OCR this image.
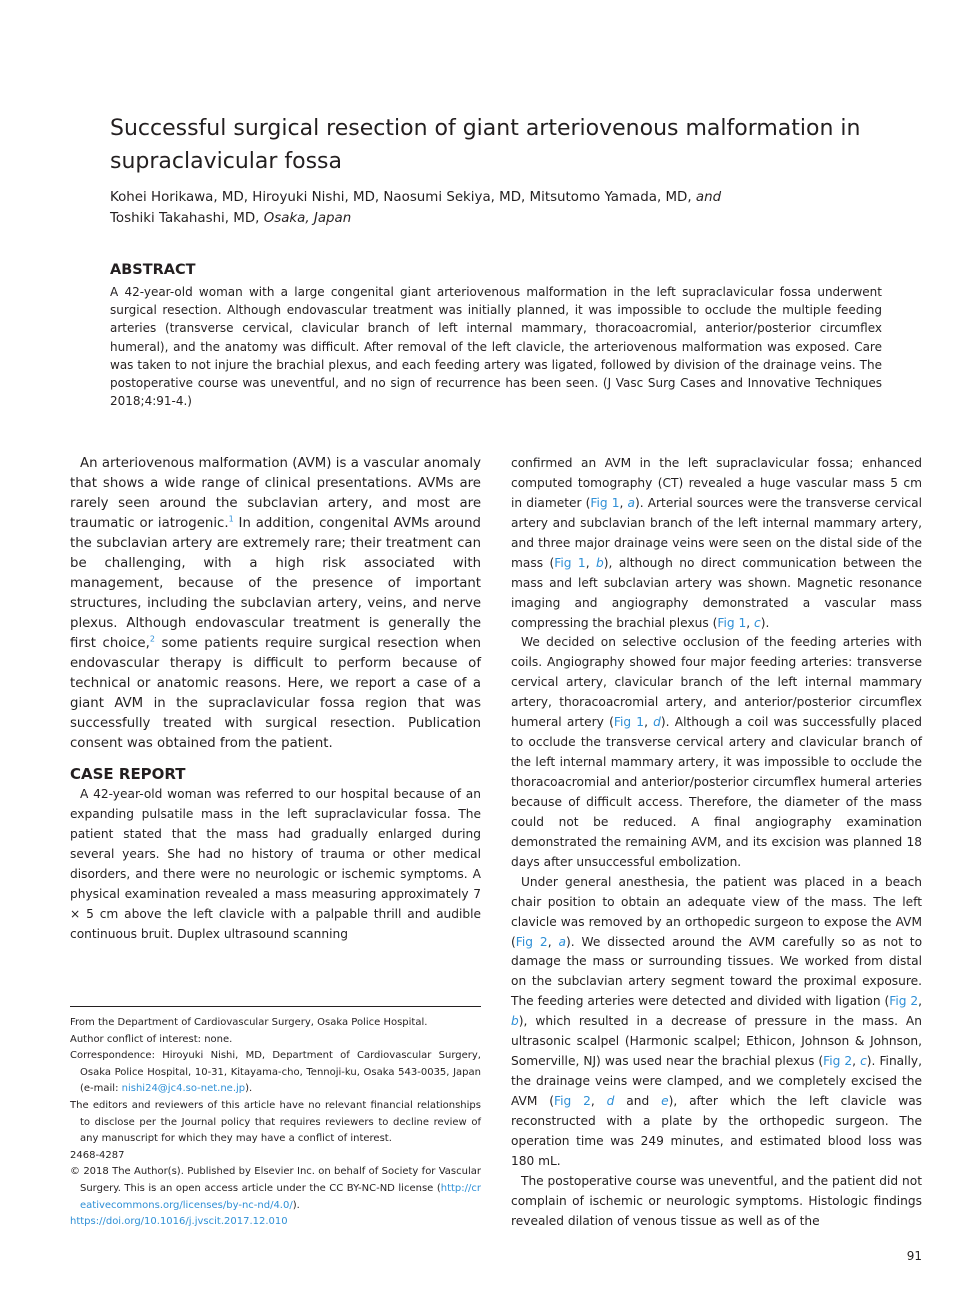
Successful surgical resection of giant arteriovenous malformation in supraclavicular fossa
Kohei Horikawa, MD, Hiroyuki Nishi, MD, Naosumi Sekiya, MD, Mitsutomo Yamada, MD, and
Toshiki Takahashi, MD, Osaka, Japan
ABSTRACT

A 42-year-old woman with a large congenital giant arteriovenous malformation in the left supraclavicular fossa underwent surgical resection. Although endovascular treatment was initially planned, it was impossible to occlude the multiple feeding arteries (transverse cervical, clavicular branch of left internal mammary, thoracoacromial, anterior/posterior circumflex humeral), and the anatomy was difficult. After removal of the left clavicle, the arteriovenous malformation was exposed. Care was taken to not injure the brachial plexus, and each feeding artery was ligated, followed by division of the drainage veins. The postoperative course was uneventful, and no sign of recurrence has been seen. (J Vasc Surg Cases and Innovative Techniques 2018;4:91-4.)

An arteriovenous malformation (AVM) is a vascular anomaly that shows a wide range of clinical presentations. AVMs are rarely seen around the subclavian artery, and most are traumatic or iatrogenic.$^1$ In addition, congenital AVMs around the subclavian artery are extremely rare; their treatment can be challenging, with a high risk associated with management, because of the presence of important structures, including the subclavian artery, veins, and nerve plexus. Although endovascular treatment is generally the first choice,$^2$ some patients require surgical resection when endovascular therapy is difficult to perform because of technical or anatomic reasons. Here, we report a case of a giant AVM in the supraclavicular fossa region that was successfully treated with surgical resection. Publication consent was obtained from the patient.

CASE REPORT

A 42-year-old woman was referred to our hospital because of an expanding pulsatile mass in the left supraclavicular fossa. The patient stated that the mass had gradually enlarged during several years. She had no history of trauma or other medical disorders, and there were no neurologic or ischemic symptoms. A physical examination revealed a mass measuring approximately 7 × 5 cm above the left clavicle with a palpable thrill and audible continuous bruit. Duplex ultrasound scanning

confirmed an AVM in the left supraclavicular fossa; enhanced computed tomography (CT) revealed a huge vascular mass 5 cm in diameter (Fig 1, a). Arterial sources were the transverse cervical artery and subclavian branch of the left internal mammary artery, and three major drainage veins were seen on the distal side of the mass (Fig 1, b), although no direct communication between the mass and left subclavian artery was shown. Magnetic resonance imaging and angiography demonstrated a vascular mass compressing the brachial plexus (Fig 1, c).

We decided on selective occlusion of the feeding arteries with coils. Angiography showed four major feeding arteries: transverse cervical artery, clavicular branch of the left internal mammary artery, thoracoacromial artery, and anterior/posterior circumflex humeral artery (Fig 1, d). Although a coil was successfully placed to occlude the transverse cervical artery and clavicular branch of the left internal mammary artery, it was impossible to occlude the thoracoacromial and anterior/posterior circumflex humeral arteries because of difficult access. Therefore, the diameter of the mass could not be reduced. A final angiography examination demonstrated the remaining AVM, and its excision was planned 18 days after unsuccessful embolization.

Under general anesthesia, the patient was placed in a beach chair position to obtain an adequate view of the mass. The left clavicle was removed by an orthopedic surgeon to expose the AVM (Fig 2, a). We dissected around the AVM carefully so as not to damage the mass or surrounding tissues. We worked from distal on the subclavian artery segment toward the proximal exposure. The feeding arteries were detected and divided with ligation (Fig 2, b), which resulted in a decrease of pressure in the mass. An ultrasonic scalpel (Harmonic scalpel; Ethicon, Johnson & Johnson, Somerville, NJ) was used near the brachial plexus (Fig 2, c). Finally, the drainage veins were clamped, and we completely excised the AVM (Fig 2, d and e), after which the left clavicle was reconstructed with a plate by the orthopedic surgeon. The operation time was 249 minutes, and estimated blood loss was 180 mL.

The postoperative course was uneventful, and the patient did not complain of ischemic or neurologic symptoms. Histologic findings revealed dilation of venous tissue as well as of the

From the Department of Cardiovascular Surgery, Osaka Police Hospital.

Author conflict of interest: none.

Correspondence: Hiroyuki Nishi, MD, Department of Cardiovascular Surgery, Osaka Police Hospital, 10-31, Kitayama-cho, Tennoji-ku, Osaka 543-0035, Japan (e-mail: nishi24@jc4.so-net.ne.jp).

The editors and reviewers of this article have no relevant financial relationships to disclose per the Journal policy that requires reviewers to decline review of any manuscript for which they may have a conflict of interest.

2468-4287

© 2018 The Author(s). Published by Elsevier Inc. on behalf of Society for Vascular Surgery. This is an open access article under the CC BY-NC-ND license (http://creativecommons.org/licenses/by-nc-nd/4.0/).

https://doi.org/10.1016/j.jvscit.2017.12.010

91
